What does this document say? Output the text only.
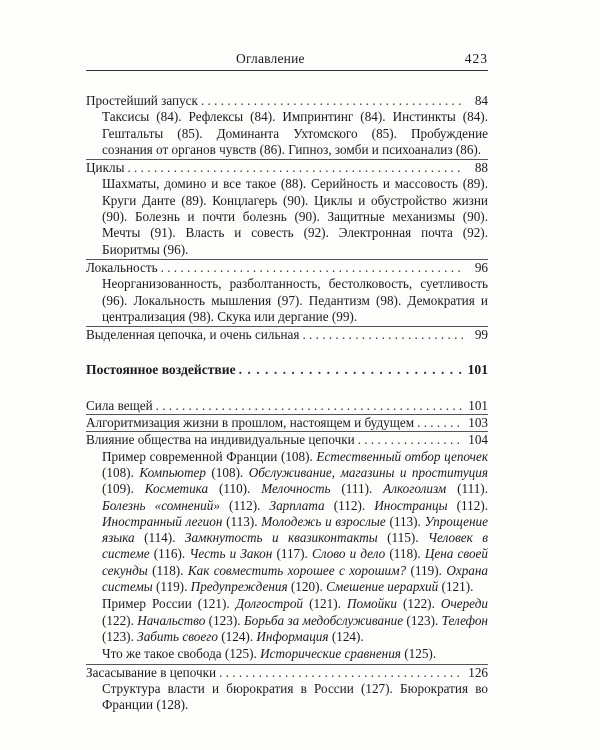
Оглавление	423
Простейший запуск . . .	84
Таксисы (84). Рефлексы (84). Импринтинг (84). Инстинкты (84). Гештальты (85). Доминанта Ухтомского (85). Пробуждение сознания от органов чувств (86). Гипноз, зомби и психоанализ (86).
Циклы . . .	88
Шахматы, домино и все такое (88). Серийность и массовость (89). Круги Данте (89). Концлагерь (90). Циклы и обустройство жизни (90). Болезнь и почти болезнь (90). Защитные механизмы (90). Мечты (91). Власть и совесть (92). Электронная почта (92). Биоритмы (96).
Локальность . . .	96
Неорганизованность, разболтанность, бестолковость, суетливость (96). Локальность мышления (97). Педантизм (98). Демократия и централизация (98). Скука или дергание (99).
Выделенная цепочка, и очень сильная . . .	99
Постоянное воздействие . . .	101
Сила вещей . . .	101
Алгоритмизация жизни в прошлом, настоящем и будущем . . .	103
Влияние общества на индивидуальные цепочки . . .	104
Пример современной Франции (108). Естественный отбор цепочек (108). Компьютер (108). Обслуживание, магазины и проституция (109). Косметика (110). Мелочность (111). Алкоголизм (111). Болезнь «сомнений» (112). Зарплата (112). Иностранцы (112). Иностранный легион (113). Молодежь и взрослые (113). Упрощение языка (114). Замкнутость и квазиконтакты (115). Человек в системе (116). Честь и Закон (117). Слово и дело (118). Цена своей секунды (118). Как совместить хорошее с хорошим? (119). Охрана системы (119). Предупреждения (120). Смешение иерархий (121).
Пример России (121). Долгострой (121). Помойки (122). Очереди (122). Начальство (123). Борьба за медобслуживание (123). Телефон (123). Забить своего (124). Информация (124).
Что же такое свобода (125). Исторические сравнения (125).
Засасывание в цепочки . . .	126
Структура власти и бюрократия в России (127). Бюрократия во Франции (128).
